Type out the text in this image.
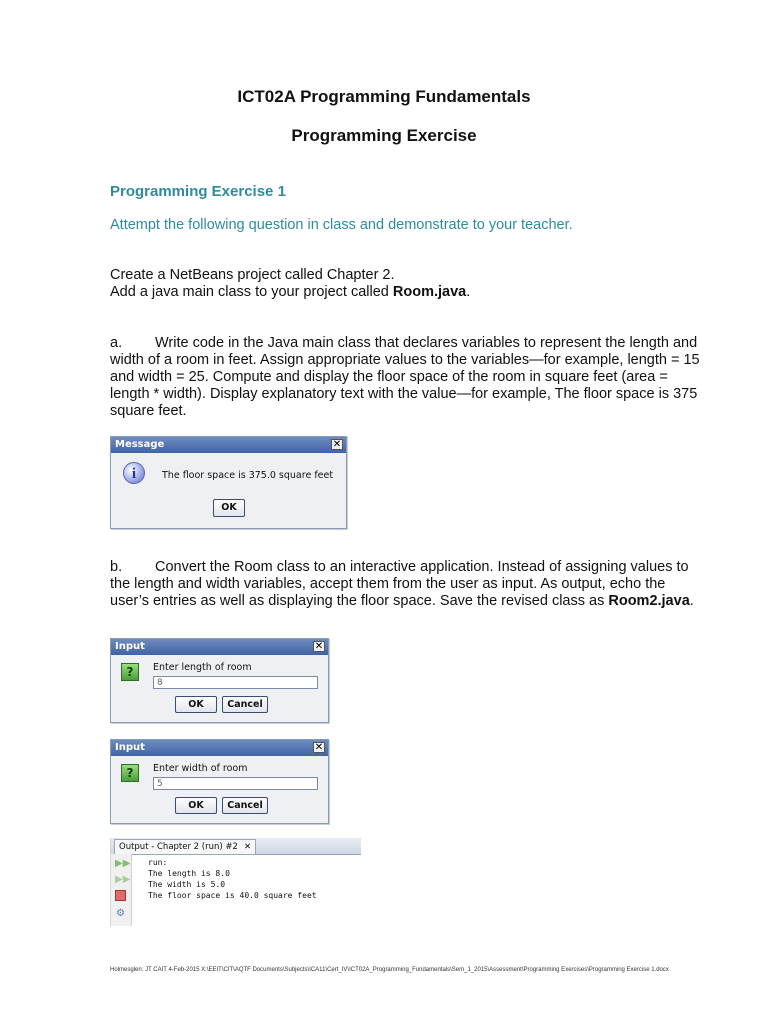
ICT02A Programming Fundamentals
Programming Exercise
Programming Exercise 1
Attempt the following question in class and demonstrate to your teacher.
Create a NetBeans project called Chapter 2.
Add a java main class to your project called Room.java.
a. Write code in the Java main class that declares variables to represent the length and width of a room in feet. Assign appropriate values to the variables—for example, length = 15 and width = 25. Compute and display the floor space of the room in square feet (area = length * width). Display explanatory text with the value—for example, The floor space is 375 square feet.
Message	✕
i	The floor space is 375.0 square feet
OK
b. Convert the Room class to an interactive application. Instead of assigning values to the length and width variables, accept them from the user as input. As output, echo the user’s entries as well as displaying the floor space. Save the revised class as Room2.java.
Input	✕
?	Enter length of room
8
OK	Cancel
Input	✕
?	Enter width of room
5
OK	Cancel
Output - Chapter 2 (run) #2 ✕
▶▶
▶▶
⚙
run:
The length is 8.0
The width is 5.0
The floor space is 40.0 square feet
Holmesglen: JT CAIT 4-Feb-2015 X:\EEIT\CIT\AQTF Documents\Subjects\ICA11\Cert_IV\ICT02A_Programming_Fundamentals\Sem_1_2015\Assessment\Programming Exercises\Programming Exercise 1.docx
